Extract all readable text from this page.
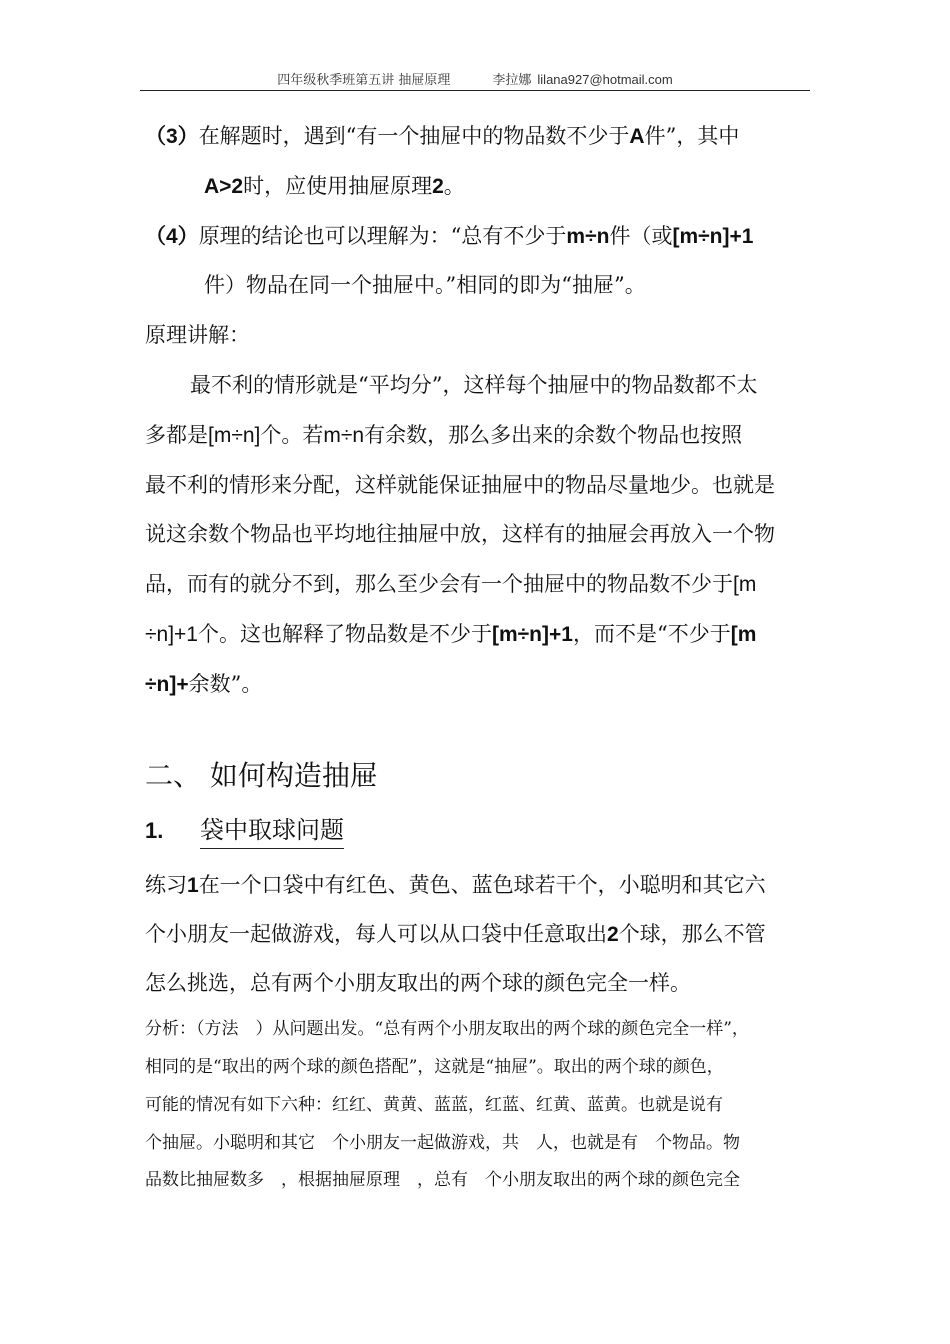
四年级秋季班第五讲 抽屉原理	李拉娜 lilana927@hotmail.com
（3）在解题时，遇到“有一个抽屉中的物品数不少于A件”，其中
A>2时，应使用抽屉原理2。
（4）原理的结论也可以理解为：“总有不少于m÷n件（或[m÷n]+1
件）物品在同一个抽屉中。”相同的即为“抽屉”。
原理讲解：
最不利的情形就是“平均分”，这样每个抽屉中的物品数都不太
多都是[m÷n]个。若m÷n有余数，那么多出来的余数个物品也按照
最不利的情形来分配，这样就能保证抽屉中的物品尽量地少。也就是
说这余数个物品也平均地往抽屉中放，这样有的抽屉会再放入一个物
品，而有的就分不到，那么至少会有一个抽屉中的物品数不少于[m
÷n]+1个。这也解释了物品数是不少于[m÷n]+1，而不是“不少于[m
÷n]+余数”。
二、 如何构造抽屉
1. 袋中取球问题
练习1在一个口袋中有红色、黄色、蓝色球若干个，小聪明和其它六
个小朋友一起做游戏，每人可以从口袋中任意取出2个球，那么不管
怎么挑选，总有两个小朋友取出的两个球的颜色完全一样。
分析：（方法　）从问题出发。“总有两个小朋友取出的两个球的颜色完全一样”，
相同的是“取出的两个球的颜色搭配”，这就是“抽屉”。取出的两个球的颜色，
可能的情况有如下六种：红红、黄黄、蓝蓝，红蓝、红黄、蓝黄。也就是说有
个抽屉。小聪明和其它　个小朋友一起做游戏，共　人，也就是有　个物品。物
品数比抽屉数多　，根据抽屉原理　，总有　个小朋友取出的两个球的颜色完全
